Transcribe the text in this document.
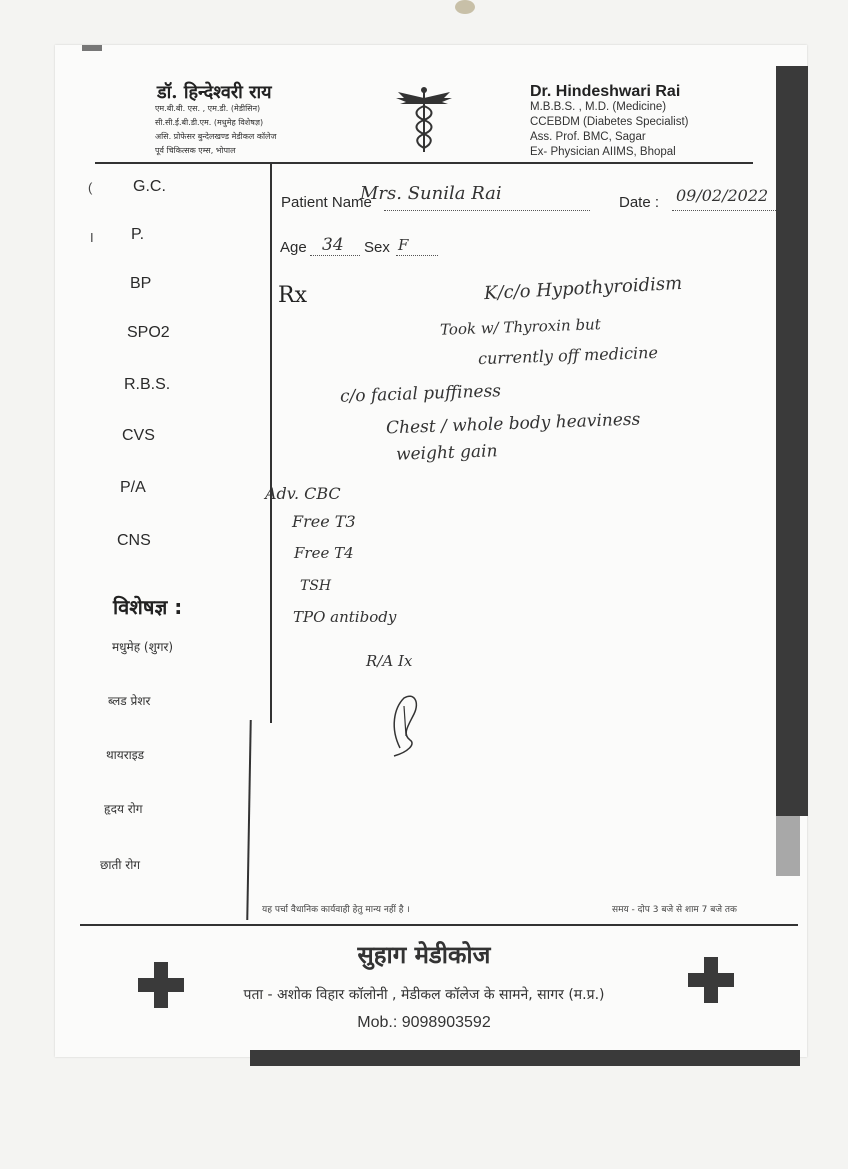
डॉ. हिन्देश्वरी राय
एम.बी.बी. एस. , एम.डी. (मेडीसिन)
सी.सी.ई.बी.डी.एम. (मधुमेह विशेषज्ञ)
असि. प्रोफेसर बुन्देलखण्ड मेडीकल कॉलेज
पूर्व चिकित्सक एम्स, भोपाल
Dr. Hindeshwari Rai
M.B.B.S. , M.D. (Medicine)
CCEBDM (Diabetes Specialist)
Ass. Prof. BMC, Sagar
Ex- Physician AIIMS, Bhopal
(
I
G.C.
P.
BP
SPO2
R.B.S.
CVS
P/A
CNS
विशेषज्ञ :
मधुमेह (शुगर)
ब्लड प्रेशर
थायराइड
हृदय रोग
छाती रोग
Patient Name
Mrs. Sunila Rai	Date : 09/02/2022
Age 34 Sex F
Rx	K/c/o Hypothyroidism
Took w/ Thyroxin but
currently off medicine
c/o facial puffiness
Chest / whole body heaviness
weight gain
Adv. CBC
Free T3
Free T4
TSH
TPO antibody
R/A Ix
यह पर्चा वैधानिक कार्यवाही हेतु मान्य नहीं है ।	समय - दोप 3 बजे से शाम 7 बजे तक
सुहाग मेडीकोज
पता - अशोक विहार कॉलोनी , मेडीकल कॉलेज के सामने, सागर (म.प्र.)
Mob.: 9098903592
